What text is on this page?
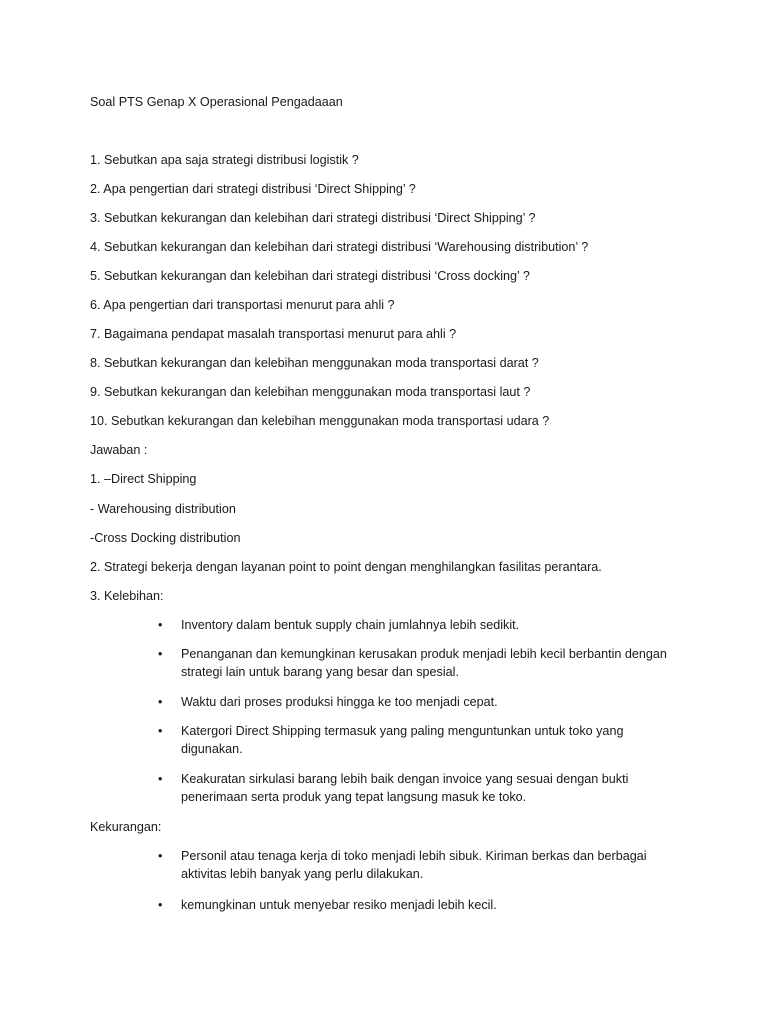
Soal PTS Genap X Operasional Pengadaaan

1. Sebutkan apa saja strategi distribusi logistik ?

2. Apa pengertian dari strategi distribusi ‘Direct Shipping’ ?

3. Sebutkan kekurangan dan kelebihan dari strategi distribusi ‘Direct Shipping’ ?

4. Sebutkan kekurangan dan kelebihan dari strategi distribusi ‘Warehousing distribution’ ?

5. Sebutkan kekurangan dan kelebihan dari strategi distribusi ‘Cross docking’ ?

6. Apa pengertian dari transportasi menurut para ahli ?

7. Bagaimana pendapat masalah transportasi menurut para ahli ?

8. Sebutkan kekurangan dan kelebihan menggunakan moda transportasi darat ?

9. Sebutkan kekurangan dan kelebihan menggunakan moda transportasi laut ?

10. Sebutkan kekurangan dan kelebihan menggunakan moda transportasi udara ?

Jawaban :

1. –Direct Shipping

- Warehousing distribution

-Cross Docking distribution

2. Strategi bekerja dengan layanan point to point dengan menghilangkan fasilitas perantara.

3. Kelebihan:

• Inventory dalam bentuk supply chain jumlahnya lebih sedikit.
• Penanganan dan kemungkinan kerusakan produk menjadi lebih kecil berbantin dengan strategi lain untuk barang yang besar dan spesial.
• Waktu dari proses produksi hingga ke too menjadi cepat.
• Katergori Direct Shipping termasuk yang paling menguntunkan untuk toko yang digunakan.
• Keakuratan sirkulasi barang lebih baik dengan invoice yang sesuai dengan bukti penerimaan serta produk yang tepat langsung masuk ke toko.

Kekurangan:

• Personil atau tenaga kerja di toko menjadi lebih sibuk. Kiriman berkas dan berbagai aktivitas lebih banyak yang perlu dilakukan.
• kemungkinan untuk menyebar resiko menjadi lebih kecil.
